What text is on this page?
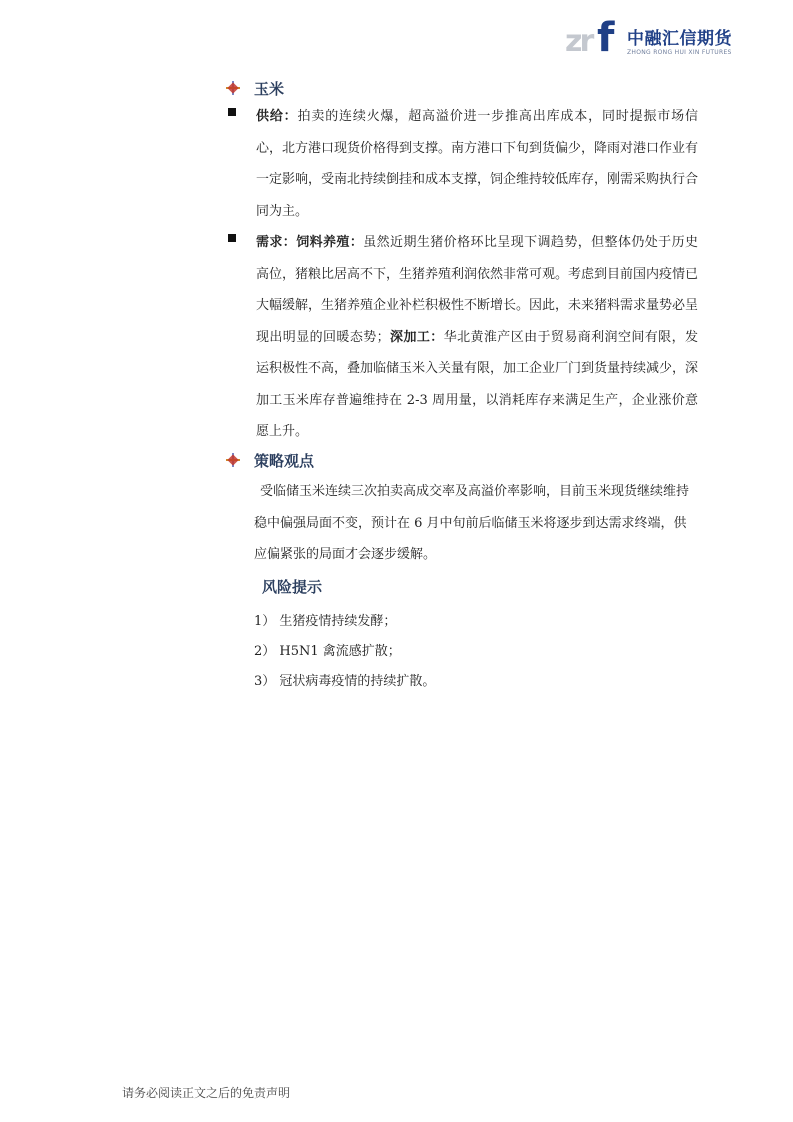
zr f 中融汇信期货
ZHONG RONG HUI XIN FUTURES
玉米
供给：拍卖的连续火爆，超高溢价进一步推高出库成本，同时提振市场信心，北方港口现货价格得到支撑。南方港口下旬到货偏少，降雨对港口作业有一定影响，受南北持续倒挂和成本支撑，饲企维持较低库存，刚需采购执行合同为主。
需求：饲料养殖：虽然近期生猪价格环比呈现下调趋势，但整体仍处于历史高位，猪粮比居高不下，生猪养殖利润依然非常可观。考虑到目前国内疫情已大幅缓解，生猪养殖企业补栏积极性不断增长。因此，未来猪料需求量势必呈现出明显的回暖态势；深加工：华北黄淮产区由于贸易商利润空间有限，发运积极性不高，叠加临储玉米入关量有限，加工企业厂门到货量持续减少，深加工玉米库存普遍维持在 2-3 周用量，以消耗库存来满足生产，企业涨价意愿上升。
策略观点
受临储玉米连续三次拍卖高成交率及高溢价率影响，目前玉米现货继续维持稳中偏强局面不变，预计在 6 月中旬前后临储玉米将逐步到达需求终端，供应偏紧张的局面才会逐步缓解。
风险提示
1） 生猪疫情持续发酵；
2） H5N1 禽流感扩散；
3） 冠状病毒疫情的持续扩散。
请务必阅读正文之后的免责声明
